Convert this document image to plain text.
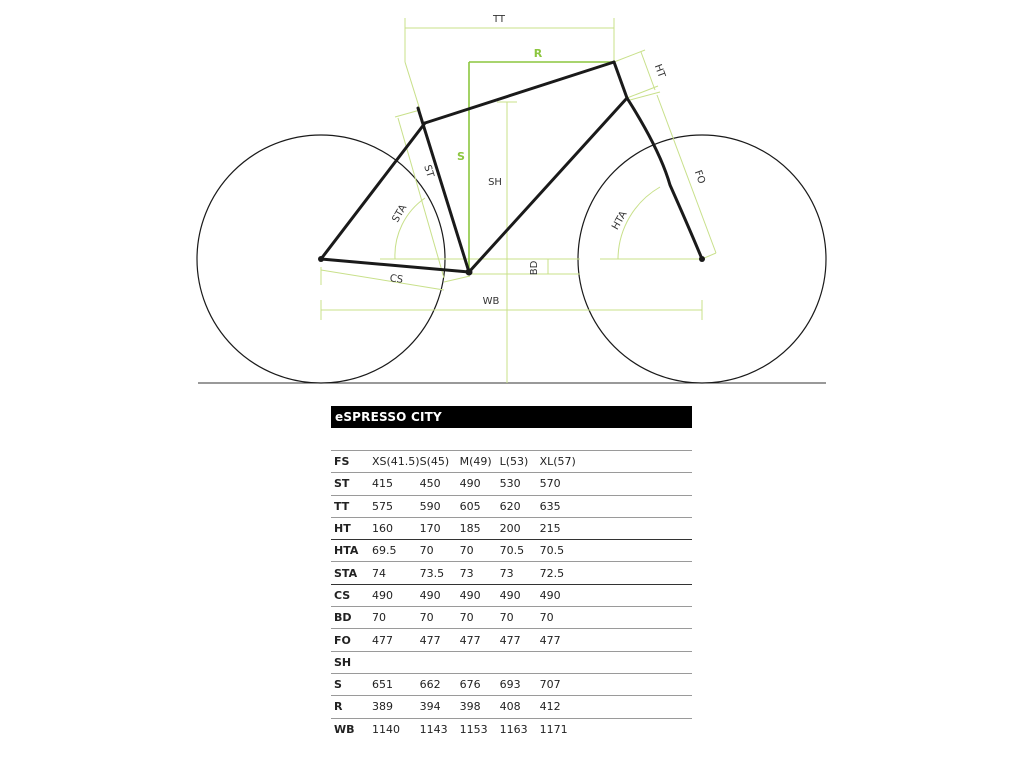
TT
R
HT
S
ST
SH
STA
FO
HTA
CS
BD
WB
eSPRESSO CITY
FS	XS(41.5)	S(45)	M(49)	L(53)	XL(57)
ST	415	450	490	530	570
TT	575	590	605	620	635
HT	160	170	185	200	215
HTA	69.5	70	70	70.5	70.5
STA	74	73.5	73	73	72.5
CS	490	490	490	490	490
BD	70	70	70	70	70
FO	477	477	477	477	477
SH					
S	651	662	676	693	707
R	389	394	398	408	412
WB	1140	1143	1153	1163	1171
